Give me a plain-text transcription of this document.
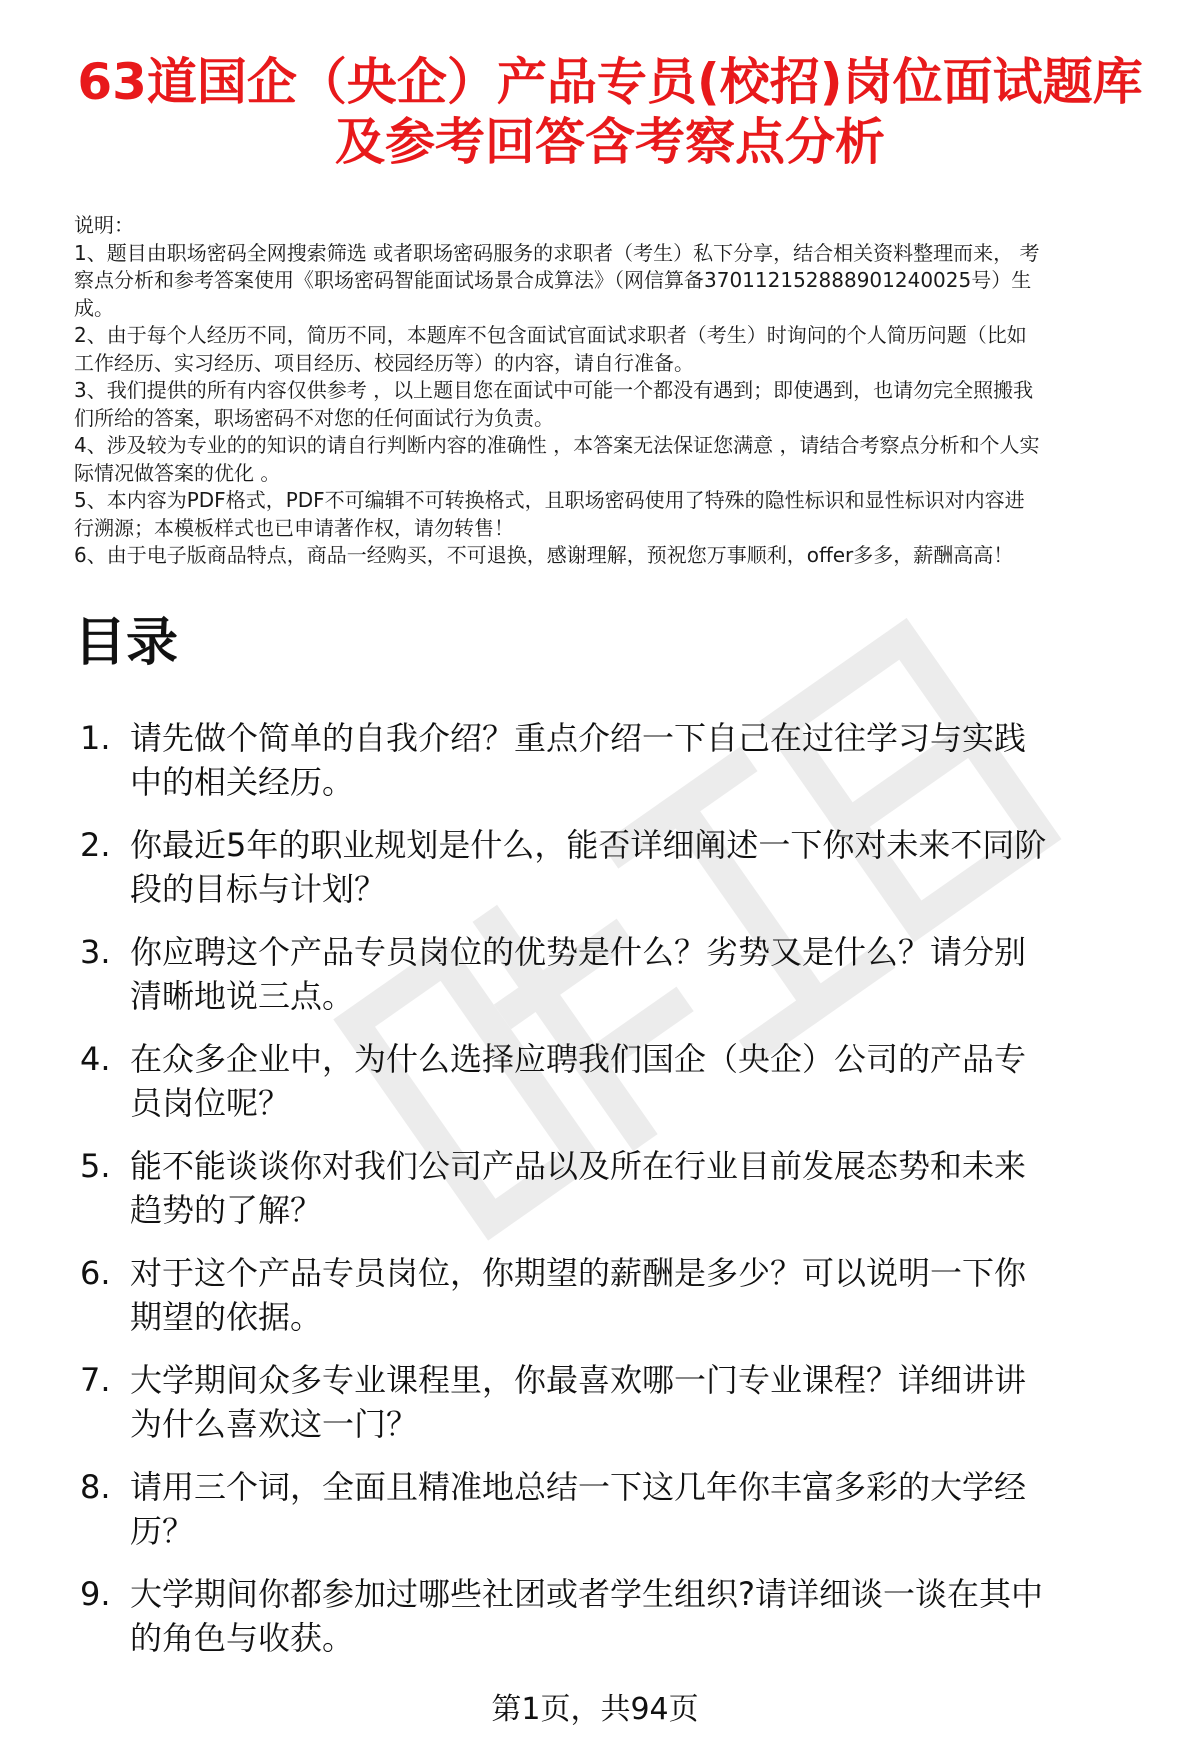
63道国企（央企）产品专员(校招)岗位面试题库
及参考回答含考察点分析
说明：
1、题目由职场密码全网搜索筛选 或者职场密码服务的求职者（考生）私下分享，结合相关资料整理而来， 考
察点分析和参考答案使用《职场密码智能面试场景合成算法》（网信算备370112152888901240025号）生
成。
2、由于每个人经历不同，简历不同，本题库不包含面试官面试求职者（考生）时询问的个人简历问题（比如
工作经历、实习经历、项目经历、校园经历等）的内容，请自行准备。
3、我们提供的所有内容仅供参考 ，以上题目您在面试中可能一个都没有遇到；即使遇到，也请勿完全照搬我
们所给的答案，职场密码不对您的任何面试行为负责。
4、涉及较为专业的的知识的请自行判断内容的准确性 ，本答案无法保证您满意 ，请结合考察点分析和个人实
际情况做答案的优化 。
5、本内容为PDF格式，PDF不可编辑不可转换格式，且职场密码使用了特殊的隐性标识和显性标识对内容进
行溯源；本模板样式也已申请著作权，请勿转售！
6、由于电子版商品特点，商品一经购买，不可退换，感谢理解，预祝您万事顺利，offer多多，薪酬高高！
目录
1. 请先做个简单的自我介绍？重点介绍一下自己在过往学习与实践
中的相关经历。
2. 你最近5年的职业规划是什么，能否详细阐述一下你对未来不同阶
段的目标与计划？
3. 你应聘这个产品专员岗位的优势是什么？劣势又是什么？请分别
清晰地说三点。
4. 在众多企业中，为什么选择应聘我们国企（央企）公司的产品专
员岗位呢？
5. 能不能谈谈你对我们公司产品以及所在行业目前发展态势和未来
趋势的了解？
6. 对于这个产品专员岗位，你期望的薪酬是多少？可以说明一下你
期望的依据。
7. 大学期间众多专业课程里，你最喜欢哪一门专业课程？详细讲讲
为什么喜欢这一门？
8. 请用三个词，全面且精准地总结一下这几年你丰富多彩的大学经
历？
9. 大学期间你都参加过哪些社团或者学生组织?请详细谈一谈在其中
的角色与收获。
第1页，共94页
